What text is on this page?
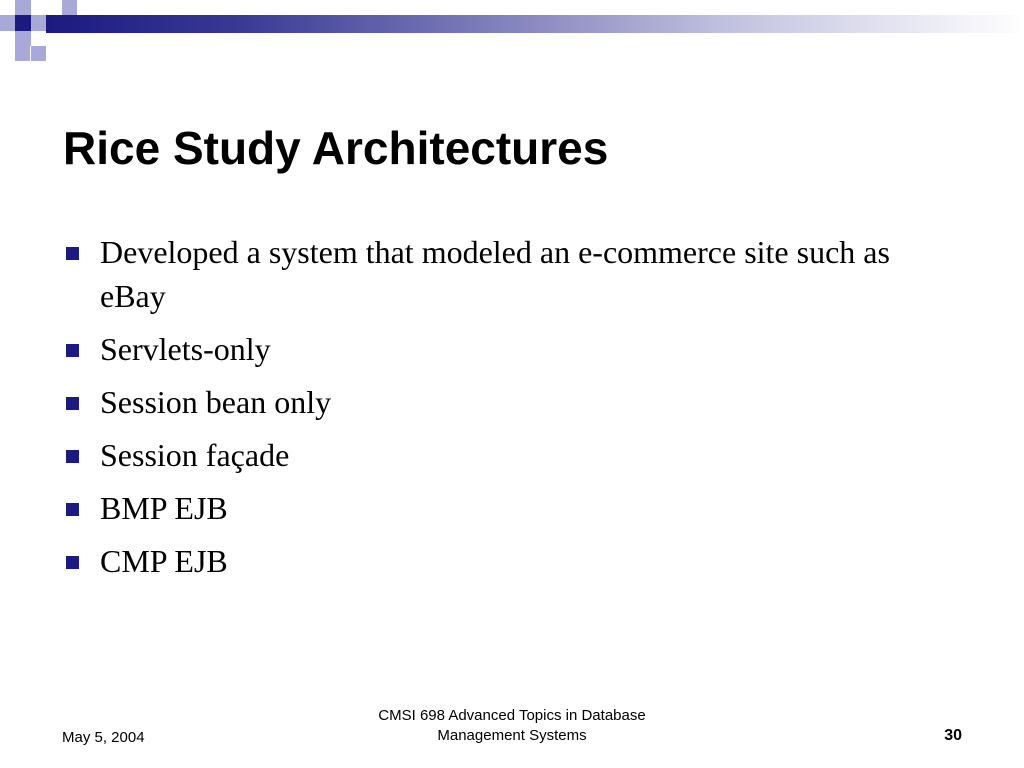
Rice Study Architectures
Developed a system that modeled an e-commerce site such as eBay
Servlets-only
Session bean only
Session façade
BMP EJB
CMP EJB
May 5, 2004
CMSI 698 Advanced Topics in Database
Management Systems	30
